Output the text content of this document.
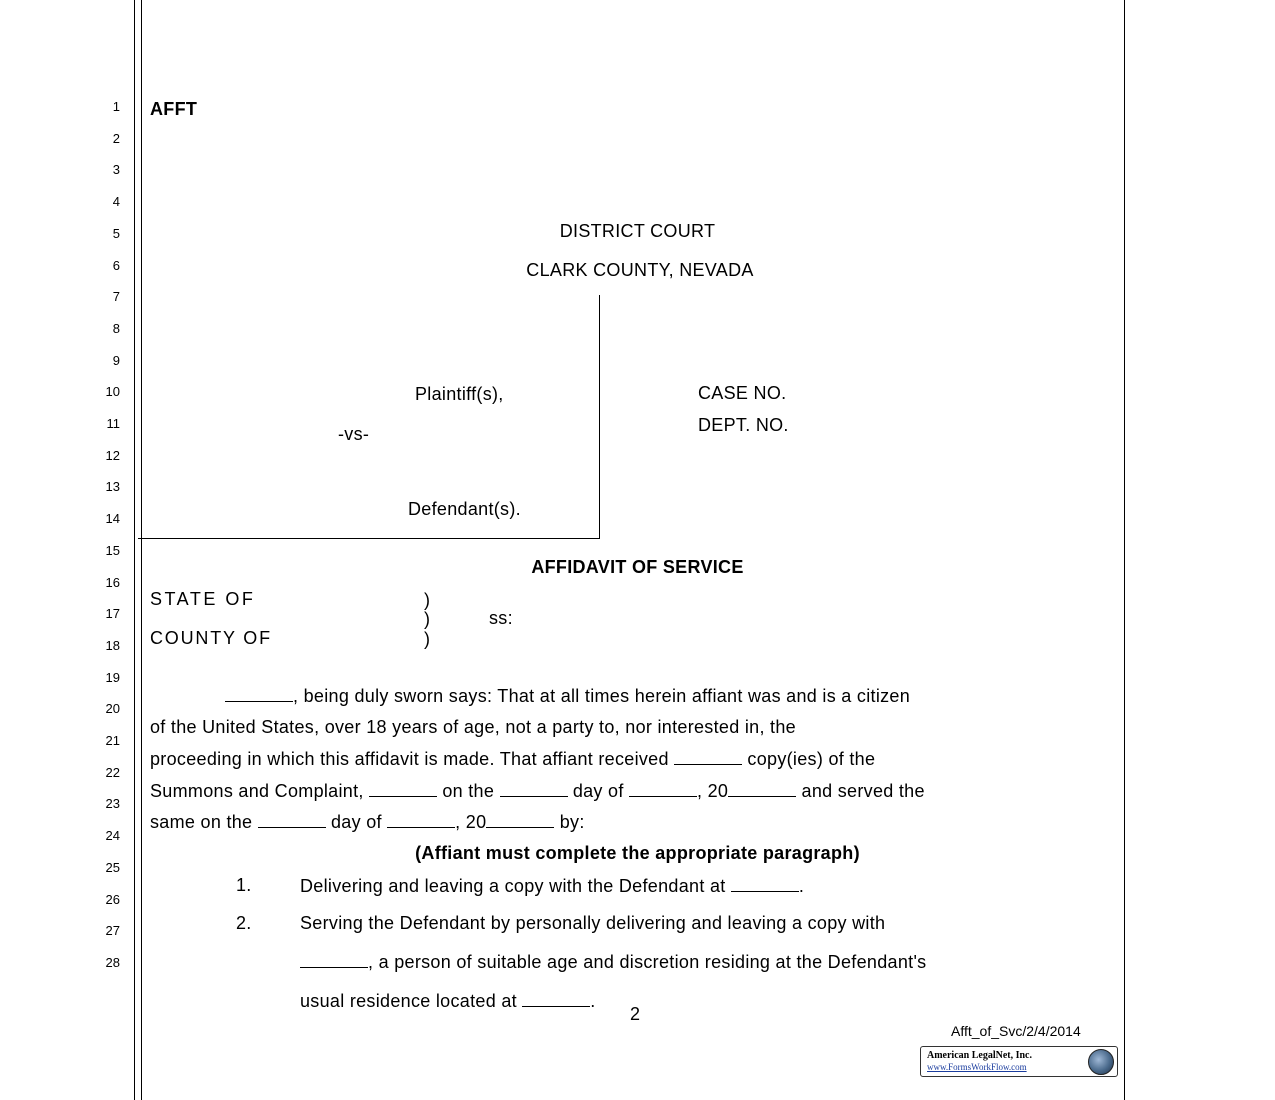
1
2
3
4
5
6
7
8
9
10
11
12
13
14
15
16
17
18
19
20
21
22
23
24
25
26
27
28
AFFT
DISTRICT COURT
CLARK COUNTY, NEVADA
Plaintiff(s),
-vs-
Defendant(s).
CASE NO.
DEPT. NO.
AFFIDAVIT OF SERVICE
STATE OF
COUNTY OF
)
)
)
ss:
, being duly sworn says: That at all times herein affiant was and is a citizen
of the United States, over 18 years of age, not a party to, nor interested in, the
proceeding in which this affidavit is made. That affiant received	copy(ies) of the
Summons and Complaint,	on the	day of	, 20	and served the
same on the	day of	, 20	by:
(Affiant must complete the appropriate paragraph)
1.	Delivering and leaving a copy with the Defendant at	.
2.	Serving the Defendant by personally delivering and leaving a copy with
, a person of suitable age and discretion residing at the Defendant's
usual residence located at	.
2
Afft_of_Svc/2/4/2014
American LegalNet, Inc.
www.FormsWorkFlow.com
